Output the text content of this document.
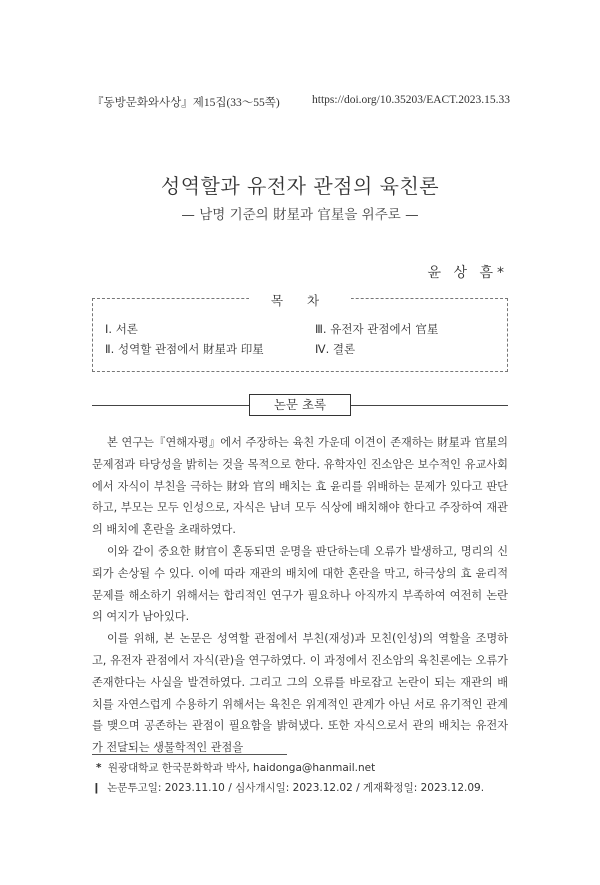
『동방문화와사상』제15집(33～55쪽)	https://doi.org/10.35203/EACT.2023.15.33
성역할과 유전자 관점의 육친론
— 남명 기준의 財星과 官星을 위주로 —
윤 상 흠*
목 차
Ⅰ. 서론
Ⅱ. 성역할 관점에서 財星과 印星
Ⅲ. 유전자 관점에서 官星
Ⅳ. 결론
논문 초록

본 연구는『연해자평』에서 주장하는 육친 가운데 이견이 존재하는 財星과 官星의 문제점과 타당성을 밝히는 것을 목적으로 한다. 유학자인 진소암은 보수적인 유교사회에서 자식이 부친을 극하는 財와 官의 배치는 효 윤리를 위배하는 문제가 있다고 판단하고, 부모는 모두 인성으로, 자식은 남녀 모두 식상에 배치해야 한다고 주장하여 재관의 배치에 혼란을 초래하였다.

이와 같이 중요한 財官이 혼동되면 운명을 판단하는데 오류가 발생하고, 명리의 신뢰가 손상될 수 있다. 이에 따라 재관의 배치에 대한 혼란을 막고, 하극상의 효 윤리적 문제를 해소하기 위해서는 합리적인 연구가 필요하나 아직까지 부족하여 여전히 논란의 여지가 남아있다.

이를 위해, 본 논문은 성역할 관점에서 부친(재성)과 모친(인성)의 역할을 조명하고, 유전자 관점에서 자식(관)을 연구하였다. 이 과정에서 진소암의 육친론에는 오류가 존재한다는 사실을 발견하였다. 그리고 그의 오류를 바로잡고 논란이 되는 재관의 배치를 자연스럽게 수용하기 위해서는 육친은 위계적인 관계가 아닌 서로 유기적인 관계를 맺으며 공존하는 관점이 필요함을 밝혀냈다. 또한 자식으로서 관의 배치는 유전자가 전달되는 생물학적인 관점을

* 원광대학교 한국문화학과 박사, haidonga@hanmail.net
❙ 논문투고일: 2023.11.10 / 심사개시일: 2023.12.02 / 게재확정일: 2023.12.09.
